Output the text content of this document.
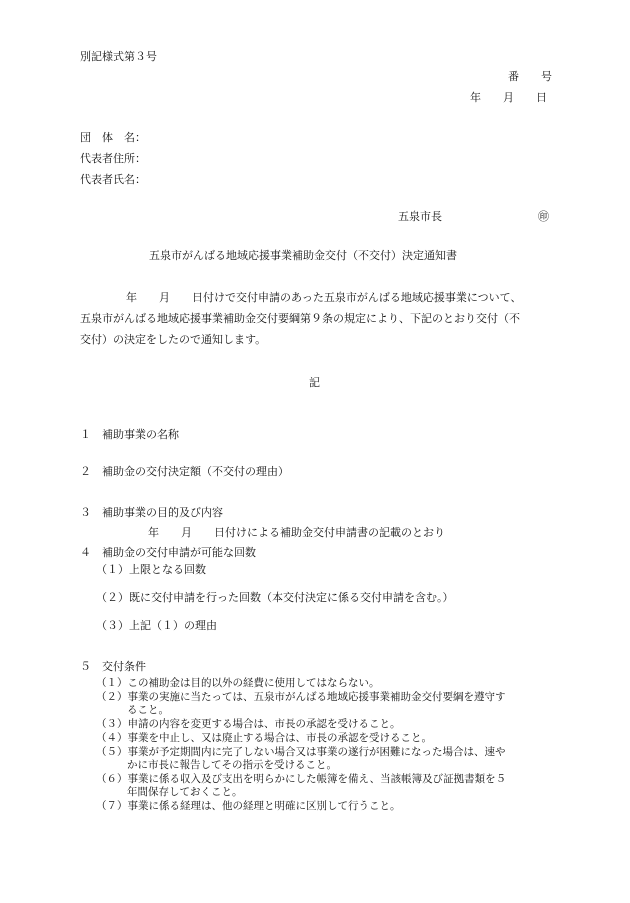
別記様式第３号
番　　号
年　　月　　日
団　体　名：
代表者住所：
代表者氏名：
五泉市長	㊞
五泉市がんばる地域応援事業補助金交付（不交付）決定通知書
年　　月　　日付けで交付申請のあった五泉市がんばる地域応援事業について、
五泉市がんばる地域応援事業補助金交付要綱第９条の規定により、下記のとおり交付（不
交付）の決定をしたので通知します。
記
１　補助事業の名称
２　補助金の交付決定額（不交付の理由）
３　補助事業の目的及び内容
年　　月　　日付けによる補助金交付申請書の記載のとおり
４　補助金の交付申請が可能な回数
（１）上限となる回数
（２）既に交付申請を行った回数（本交付決定に係る交付申請を含む。）
（３）上記（１）の理由
５　交付条件
（１）この補助金は目的以外の経費に使用してはならない。
（２）事業の実施に当たっては、五泉市がんばる地域応援事業補助金交付要綱を遵守す
ること。
（３）申請の内容を変更する場合は、市長の承認を受けること。
（４）事業を中止し、又は廃止する場合は、市長の承認を受けること。
（５）事業が予定期間内に完了しない場合又は事業の遂行が困難になった場合は、速や
かに市長に報告してその指示を受けること。
（６）事業に係る収入及び支出を明らかにした帳簿を備え、当該帳簿及び証拠書類を５
年間保存しておくこと。
（７）事業に係る経理は、他の経理と明確に区別して行うこと。
